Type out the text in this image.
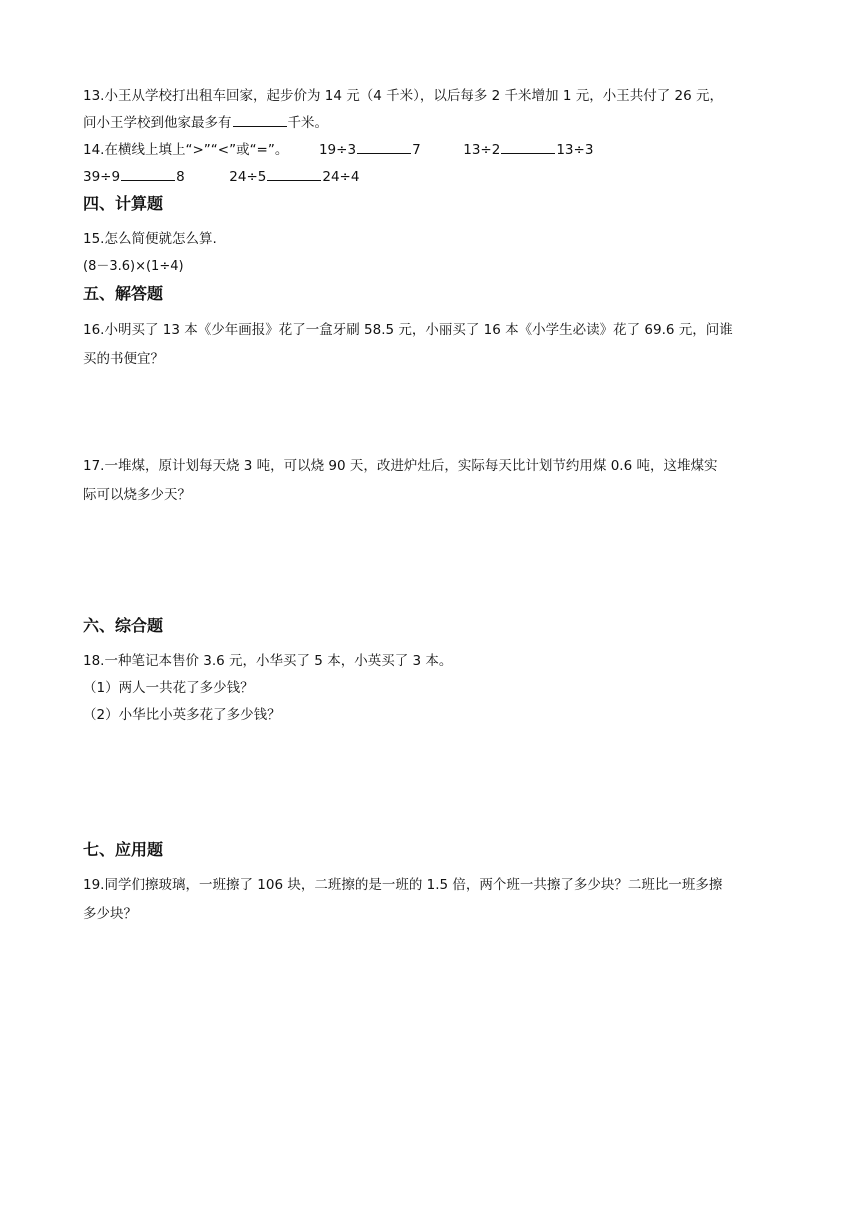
13.小王从学校打出租车回家，起步价为 14 元（4 千米），以后每多 2 千米增加 1 元，小王共付了 26 元，
问小王学校到他家最多有	千米。
14.在横线上填上“>”“<”或“=”。 19÷3	7	13÷2	13÷3
39÷9	8	24÷5	24÷4
四、计算题
15.怎么简便就怎么算.
(8－3.6)×(1÷4)
五、解答题
16.小明买了 13 本《少年画报》花了一盒牙刷 58.5 元，小丽买了 16 本《小学生必读》花了 69.6 元，问谁
买的书便宜？
17.一堆煤，原计划每天烧 3 吨，可以烧 90 天，改进炉灶后，实际每天比计划节约用煤 0.6 吨，这堆煤实
际可以烧多少天？
六、综合题
18.一种笔记本售价 3.6 元，小华买了 5 本，小英买了 3 本。
（1）两人一共花了多少钱？
（2）小华比小英多花了多少钱？
七、应用题
19.同学们擦玻璃，一班擦了 106 块，二班擦的是一班的 1.5 倍，两个班一共擦了多少块？二班比一班多擦
多少块？
